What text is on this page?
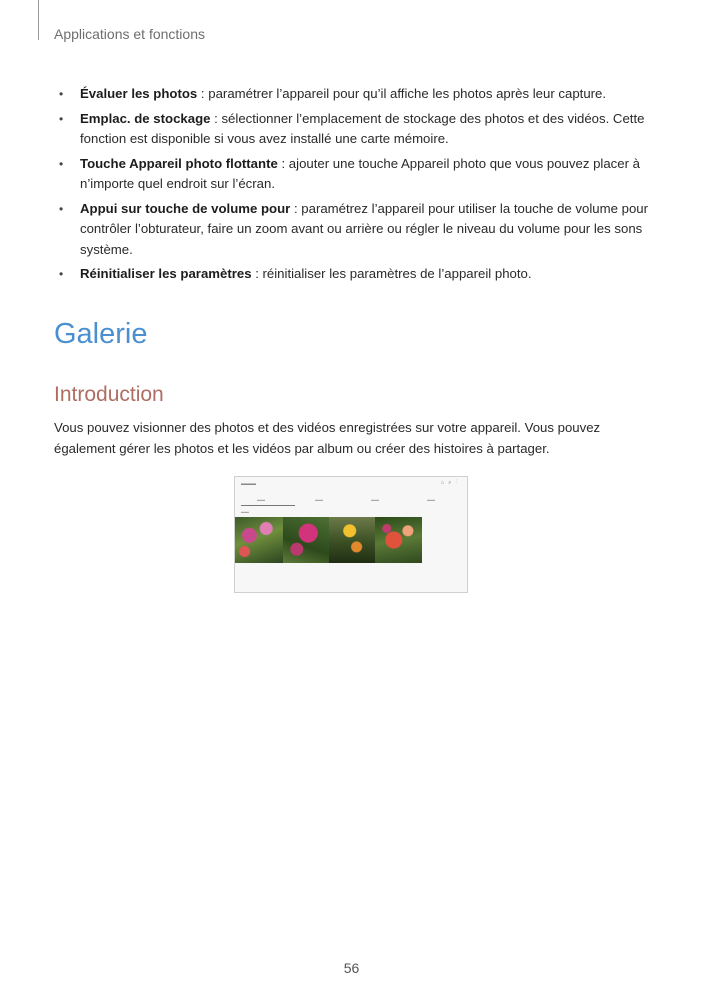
Applications et fonctions
• Évaluer les photos : paramétrer l’appareil pour qu’il affiche les photos après leur capture.
• Emplac. de stockage : sélectionner l’emplacement de stockage des photos et des vidéos. Cette fonction est disponible si vous avez installé une carte mémoire.
• Touche Appareil photo flottante : ajouter une touche Appareil photo que vous pouvez placer à n’importe quel endroit sur l’écran.
• Appui sur touche de volume pour : paramétrez l’appareil pour utiliser la touche de volume pour contrôler l’obturateur, faire un zoom avant ou arrière ou régler le niveau du volume pour les sons système.
• Réinitialiser les paramètres : réinitialiser les paramètres de l’appareil photo.
Galerie
Introduction

Vous pouvez visionner des photos et des vidéos enregistrées sur votre appareil. Vous pouvez également gérer les photos et les vidéos par album ou créer des histoires à partager.

▬▬▬	⌂⌕⋮
▬▬	▬▬	▬▬	▬▬
▬▬
56
